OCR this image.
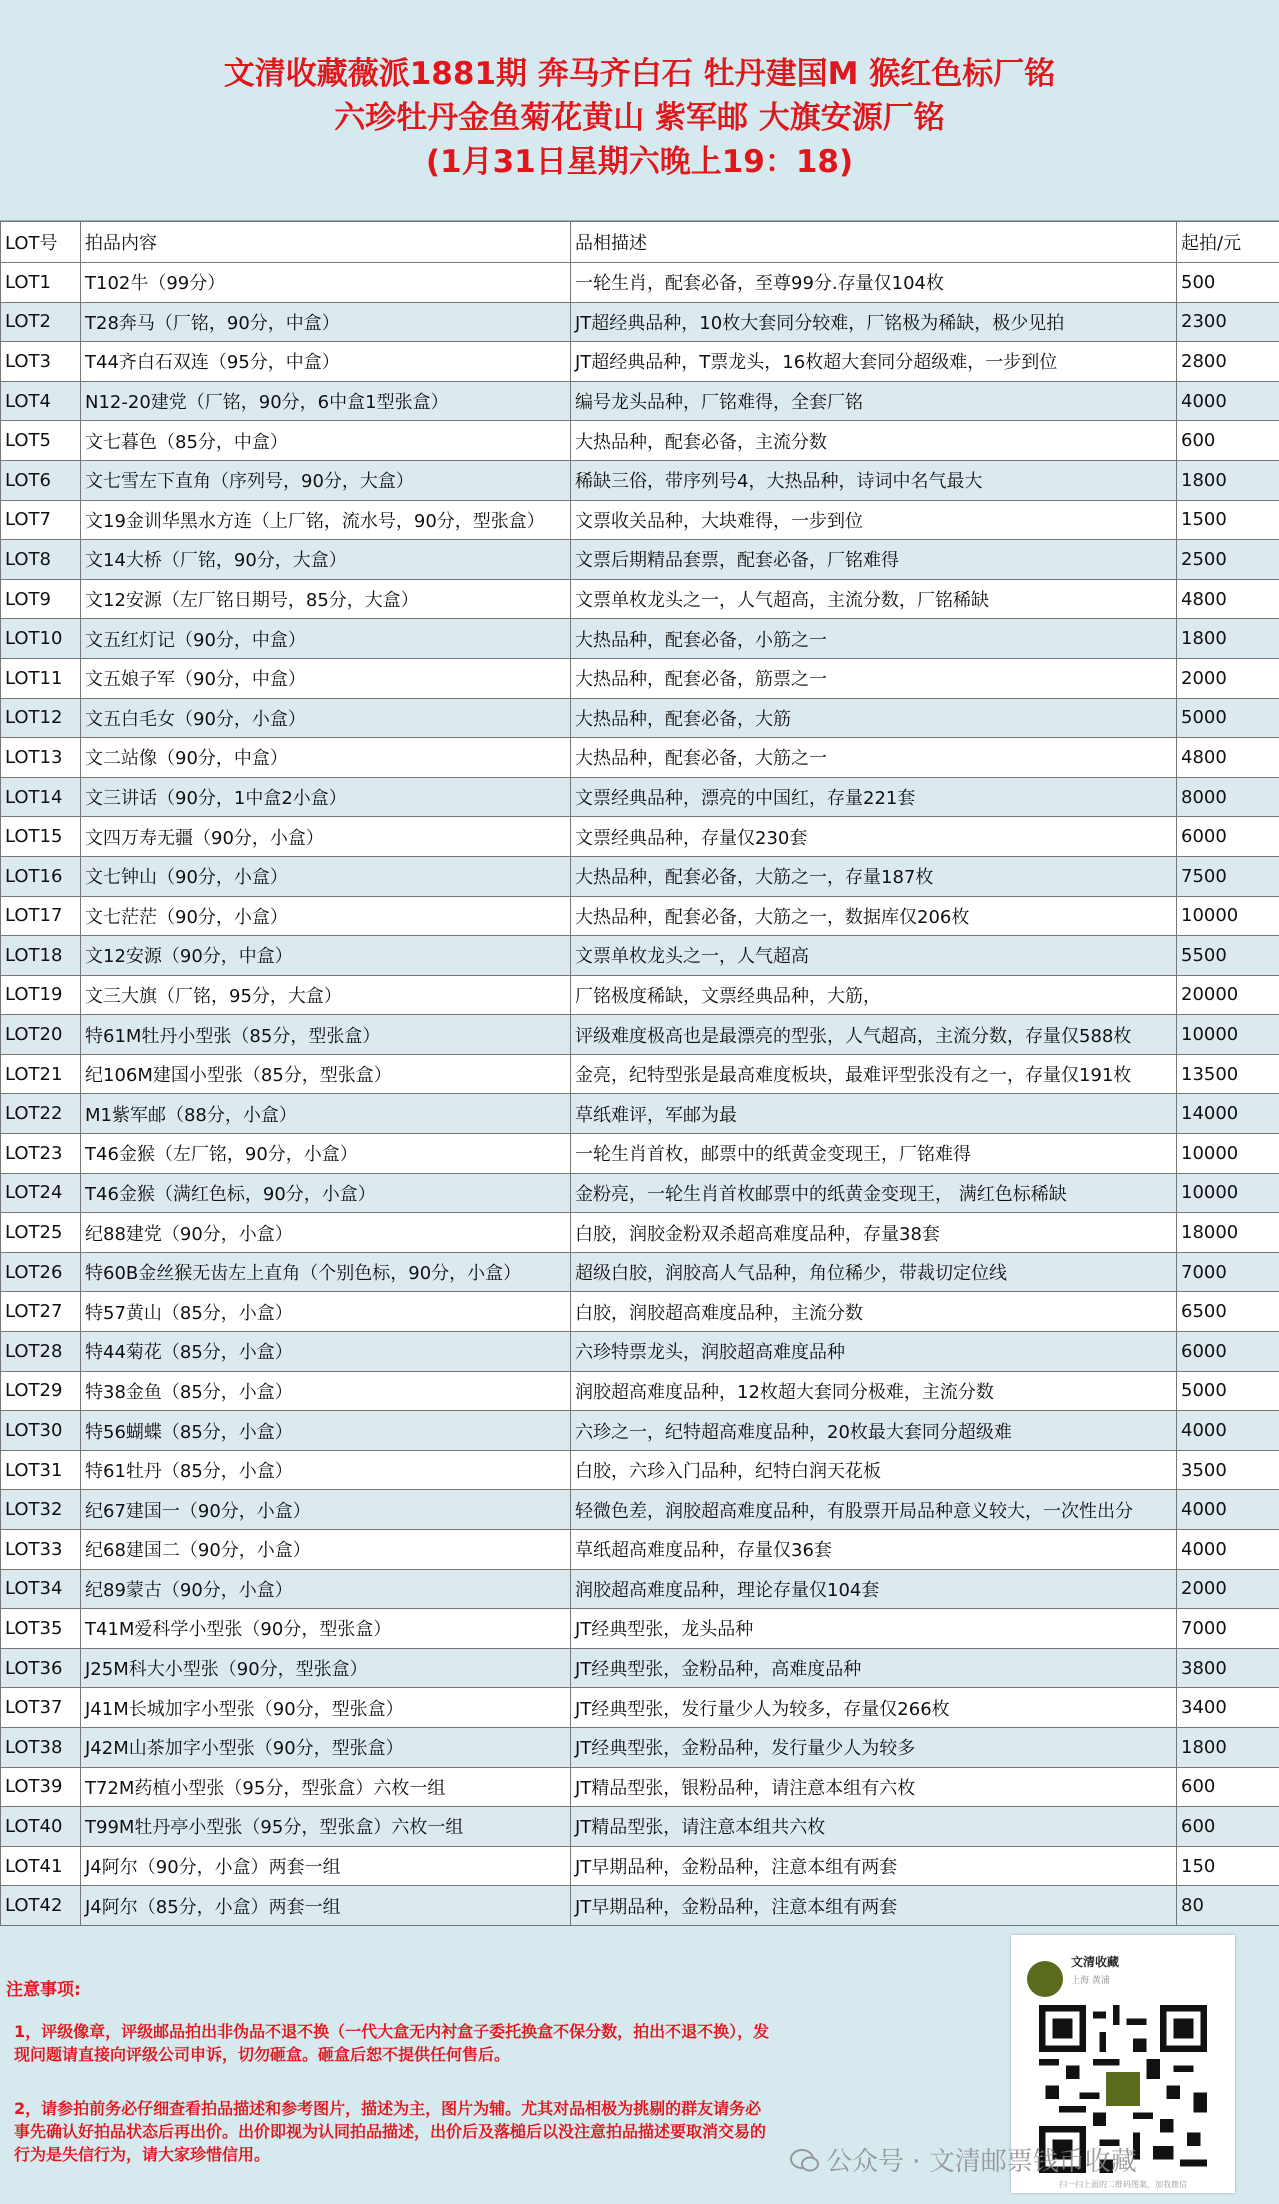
文清收藏薇派1881期 奔马齐白石 牡丹建国M 猴红色标厂铭
六珍牡丹金鱼菊花黄山 紫军邮 大旗安源厂铭
(1月31日星期六晚上19：18)
LOT号	拍品内容	品相描述	起拍/元
LOT1	T102牛（99分）	一轮生肖，配套必备，至尊99分.存量仅104枚	500
LOT2	T28奔马（厂铭，90分，中盒）	JT超经典品种，10枚大套同分较难，厂铭极为稀缺，极少见拍	2300
LOT3	T44齐白石双连（95分，中盒）	JT超经典品种，T票龙头，16枚超大套同分超级难，一步到位	2800
LOT4	N12-20建党（厂铭，90分，6中盒1型张盒）	编号龙头品种，厂铭难得，全套厂铭	4000
LOT5	文七暮色（85分，中盒）	大热品种，配套必备，主流分数	600
LOT6	文七雪左下直角（序列号，90分，大盒）	稀缺三俗，带序列号4，大热品种，诗词中名气最大	1800
LOT7	文19金训华黑水方连（上厂铭，流水号，90分，型张盒）	文票收关品种，大块难得，一步到位	1500
LOT8	文14大桥（厂铭，90分，大盒）	文票后期精品套票，配套必备，厂铭难得	2500
LOT9	文12安源（左厂铭日期号，85分，大盒）	文票单枚龙头之一，人气超高，主流分数，厂铭稀缺	4800
LOT10	文五红灯记（90分，中盒）	大热品种，配套必备，小筋之一	1800
LOT11	文五娘子军（90分，中盒）	大热品种，配套必备，筋票之一	2000
LOT12	文五白毛女（90分，小盒）	大热品种，配套必备，大筋	5000
LOT13	文二站像（90分，中盒）	大热品种，配套必备，大筋之一	4800
LOT14	文三讲话（90分，1中盒2小盒）	文票经典品种，漂亮的中国红，存量221套	8000
LOT15	文四万寿无疆（90分，小盒）	文票经典品种，存量仅230套	6000
LOT16	文七钟山（90分，小盒）	大热品种，配套必备，大筋之一，存量187枚	7500
LOT17	文七茫茫（90分，小盒）	大热品种，配套必备，大筋之一，数据库仅206枚	10000
LOT18	文12安源（90分，中盒）	文票单枚龙头之一，人气超高	5500
LOT19	文三大旗（厂铭，95分，大盒）	厂铭极度稀缺，文票经典品种，大筋，	20000
LOT20	特61M牡丹小型张（85分，型张盒）	评级难度极高也是最漂亮的型张，人气超高，主流分数，存量仅588枚	10000
LOT21	纪106M建国小型张（85分，型张盒）	金亮，纪特型张是最高难度板块，最难评型张没有之一，存量仅191枚	13500
LOT22	M1紫军邮（88分，小盒）	草纸难评，军邮为最	14000
LOT23	T46金猴（左厂铭，90分，小盒）	一轮生肖首枚，邮票中的纸黄金变现王，厂铭难得	10000
LOT24	T46金猴（满红色标，90分，小盒）	金粉亮，一轮生肖首枚邮票中的纸黄金变现王， 满红色标稀缺	10000
LOT25	纪88建党（90分，小盒）	白胶，润胶金粉双杀超高难度品种，存量38套	18000
LOT26	特60B金丝猴无齿左上直角（个别色标，90分，小盒）	超级白胶，润胶高人气品种，角位稀少，带裁切定位线	7000
LOT27	特57黄山（85分，小盒）	白胶，润胶超高难度品种，主流分数	6500
LOT28	特44菊花（85分，小盒）	六珍特票龙头，润胶超高难度品种	6000
LOT29	特38金鱼（85分，小盒）	润胶超高难度品种，12枚超大套同分极难，主流分数	5000
LOT30	特56蝴蝶（85分，小盒）	六珍之一，纪特超高难度品种，20枚最大套同分超级难	4000
LOT31	特61牡丹（85分，小盒）	白胶，六珍入门品种，纪特白润天花板	3500
LOT32	纪67建国一（90分，小盒）	轻微色差，润胶超高难度品种，有股票开局品种意义较大，一次性出分	4000
LOT33	纪68建国二（90分，小盒）	草纸超高难度品种，存量仅36套	4000
LOT34	纪89蒙古（90分，小盒）	润胶超高难度品种，理论存量仅104套	2000
LOT35	T41M爱科学小型张（90分，型张盒）	JT经典型张，龙头品种	7000
LOT36	J25M科大小型张（90分，型张盒）	JT经典型张，金粉品种，高难度品种	3800
LOT37	J41M长城加字小型张（90分，型张盒）	JT经典型张，发行量少人为较多，存量仅266枚	3400
LOT38	J42M山茶加字小型张（90分，型张盒）	JT经典型张，金粉品种，发行量少人为较多	1800
LOT39	T72M药植小型张（95分，型张盒）六枚一组	JT精品型张，银粉品种，请注意本组有六枚	600
LOT40	T99M牡丹亭小型张（95分，型张盒）六枚一组	JT精品型张，请注意本组共六枚	600
LOT41	J4阿尔（90分，小盒）两套一组	JT早期品种，金粉品种，注意本组有两套	150
LOT42	J4阿尔（85分，小盒）两套一组	JT早期品种，金粉品种，注意本组有两套	80
注意事项:
1，评级像章，评级邮品拍出非伪品不退不换（一代大盒无内衬盒子委托换盒不保分数，拍出不退不换），发现问题请直接向评级公司申诉，切勿砸盒。砸盒后恕不提供任何售后。
2，请参拍前务必仔细查看拍品描述和参考图片，描述为主，图片为辅。尤其对品相极为挑剔的群友请务必事先确认好拍品状态后再出价。出价即视为认同拍品描述，出价后及落槌后以没注意拍品描述要取消交易的行为是失信行为，请大家珍惜信用。
文清收藏
上海 黄浦
扫一扫上面的二维码图案，加我微信
公众号 · 文清邮票钱币收藏
